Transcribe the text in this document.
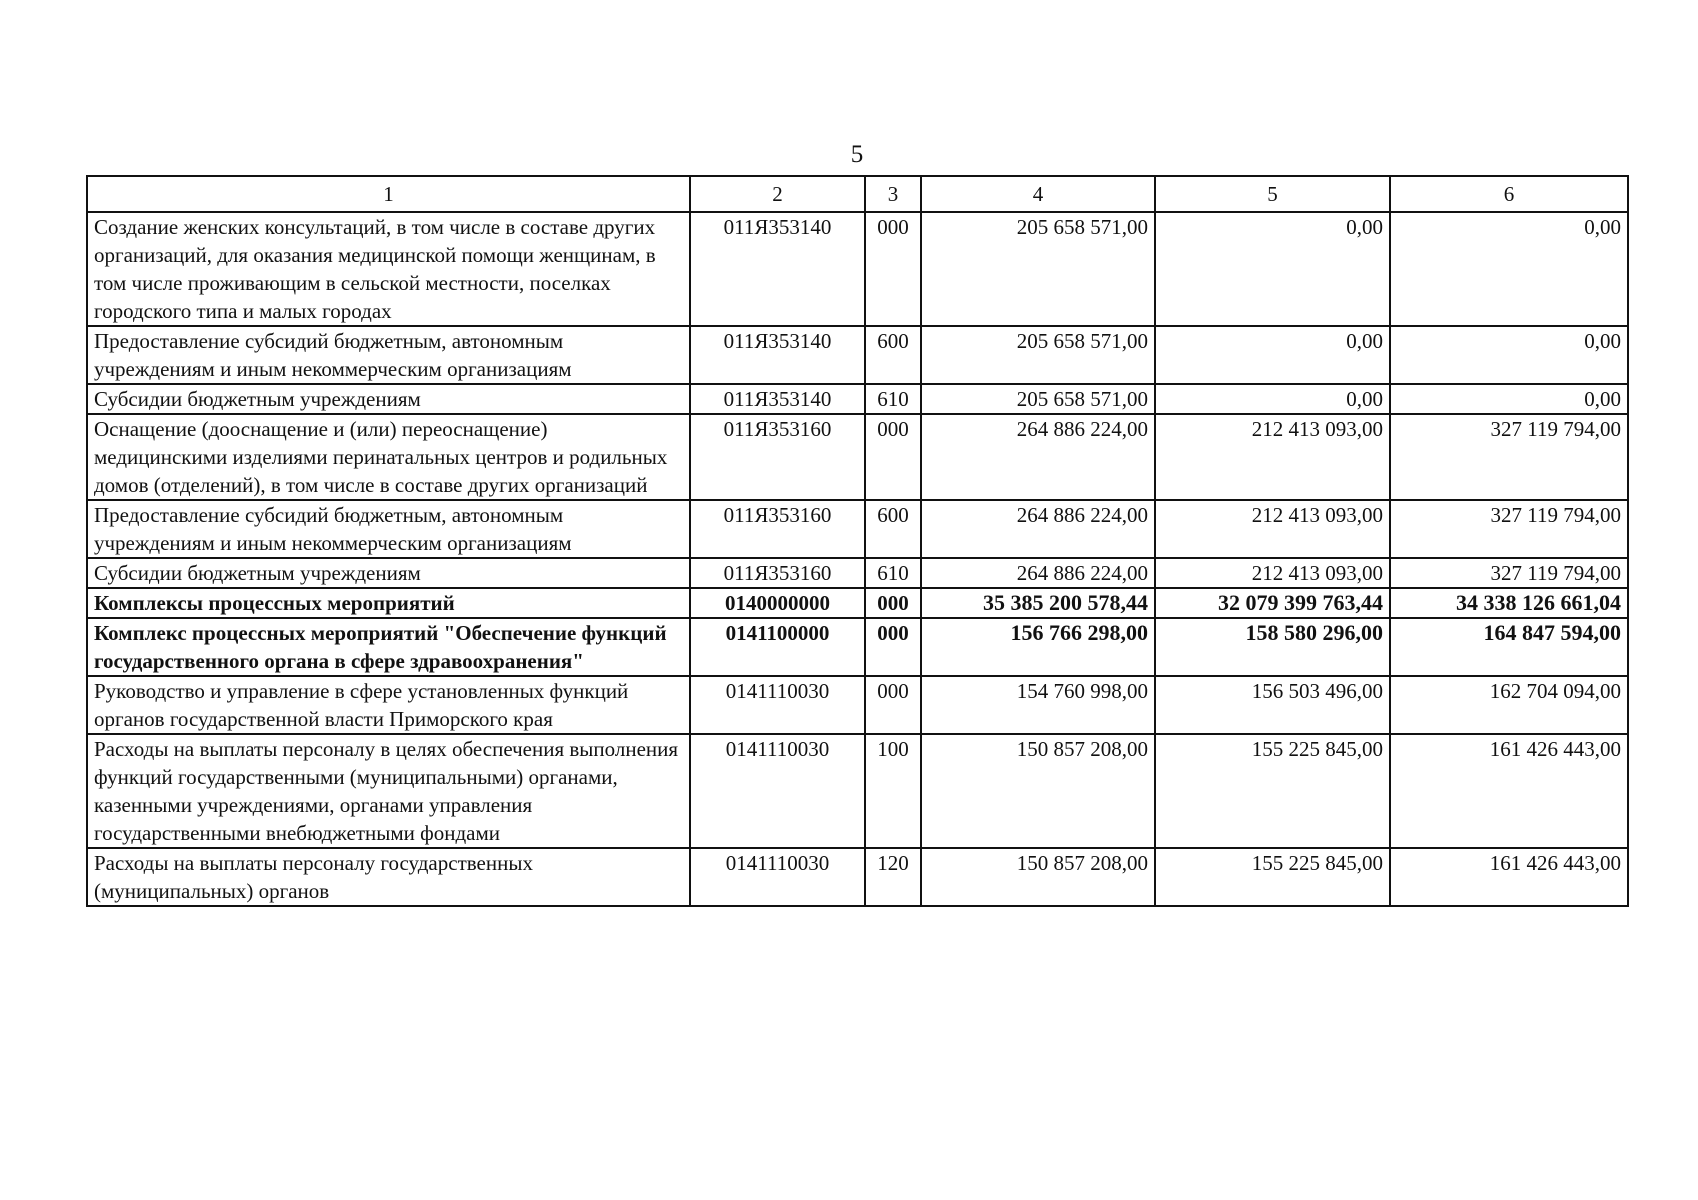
5
1	2	3	4	5	6
Создание женских консультаций, в том числе в составе других организаций, для оказания медицинской помощи женщинам, в том числе проживающим в сельской местности, поселках городского типа и малых городах	011Я353140	000	205 658 571,00	0,00	0,00
Предоставление субсидий бюджетным, автономным учреждениям и иным некоммерческим организациям	011Я353140	600	205 658 571,00	0,00	0,00
Субсидии бюджетным учреждениям	011Я353140	610	205 658 571,00	0,00	0,00
Оснащение (дооснащение и (или) переоснащение) медицинскими изделиями перинатальных центров и родильных домов (отделений), в том числе в составе других организаций	011Я353160	000	264 886 224,00	212 413 093,00	327 119 794,00
Предоставление субсидий бюджетным, автономным учреждениям и иным некоммерческим организациям	011Я353160	600	264 886 224,00	212 413 093,00	327 119 794,00
Субсидии бюджетным учреждениям	011Я353160	610	264 886 224,00	212 413 093,00	327 119 794,00
Комплексы процессных мероприятий	0140000000	000	35 385 200 578,44	32 079 399 763,44	34 338 126 661,04
Комплекс процессных мероприятий "Обеспечение функций государственного органа в сфере здравоохранения"	0141100000	000	156 766 298,00	158 580 296,00	164 847 594,00
Руководство и управление в сфере установленных функций органов государственной власти Приморского края	0141110030	000	154 760 998,00	156 503 496,00	162 704 094,00
Расходы на выплаты персоналу в целях обеспечения выполнения функций государственными (муниципальными) органами, казенными учреждениями, органами управления государственными внебюджетными фондами	0141110030	100	150 857 208,00	155 225 845,00	161 426 443,00
Расходы на выплаты персоналу государственных (муниципальных) органов	0141110030	120	150 857 208,00	155 225 845,00	161 426 443,00
